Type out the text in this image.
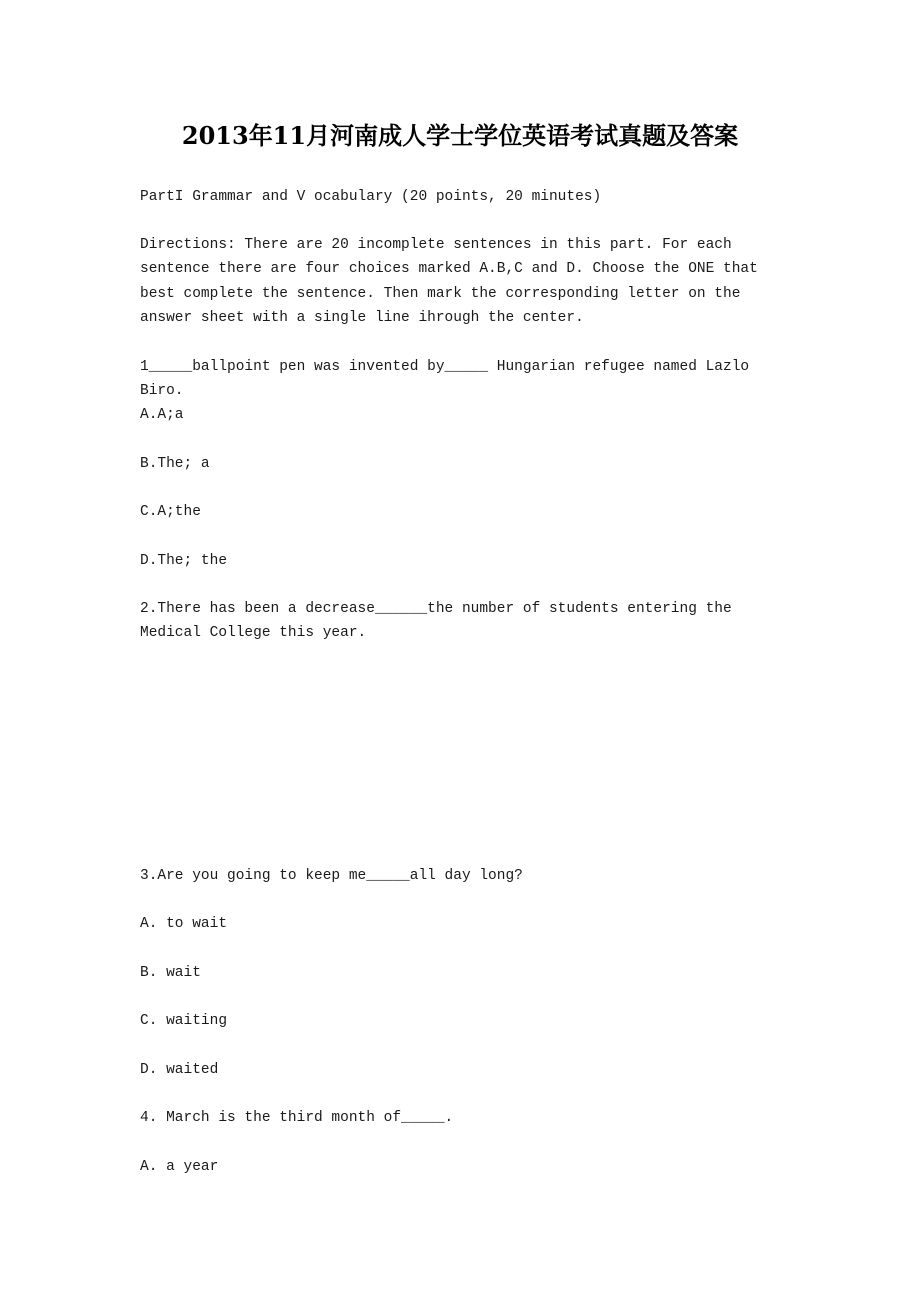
2013年11月河南成人学士学位英语考试真题及答案
PartI Grammar and V ocabulary (20 points, 20 minutes)
Directions: There are 20 incomplete sentences in this part. For each sentence there are four choices marked A.B,C and D. Choose the ONE that best complete the sentence. Then mark the corresponding letter on the answer sheet with a single line ihrough the center.
1_____ballpoint pen was invented by_____ Hungarian refugee named Lazlo Biro.
A.A;a
B.The; a
C.A;the
D.The; the
2.There has been a decrease______the number of students entering the Medical College this year.
3.Are you going to keep me_____all day long?
A. to wait
B. wait
C. waiting
D. waited
4. March is the third month of_____.
A. a year
